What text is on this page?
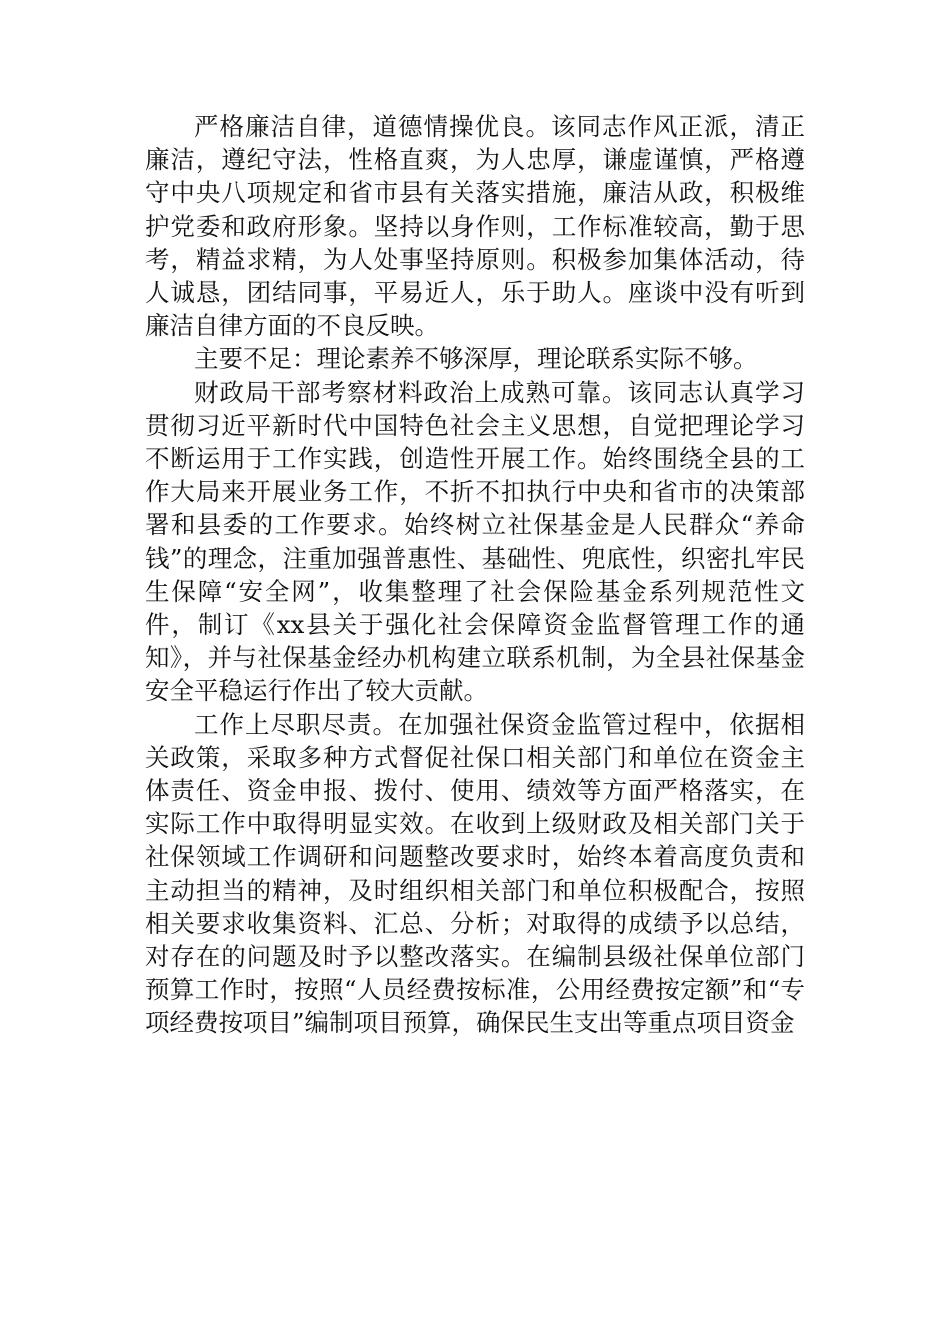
严格廉洁自律，道德情操优良。该同志作风正派，清正廉洁，遵纪守法，性格直爽，为人忠厚，谦虚谨慎，严格遵守中央八项规定和省市县有关落实措施，廉洁从政，积极维护党委和政府形象。坚持以身作则，工作标准较高，勤于思考，精益求精，为人处事坚持原则。积极参加集体活动，待人诚恳，团结同事，平易近人，乐于助人。座谈中没有听到廉洁自律方面的不良反映。

主要不足：理论素养不够深厚，理论联系实际不够。

财政局干部考察材料政治上成熟可靠。该同志认真学习贯彻习近平新时代中国特色社会主义思想，自觉把理论学习不断运用于工作实践，创造性开展工作。始终围绕全县的工作大局来开展业务工作，不折不扣执行中央和省市的决策部署和县委的工作要求。始终树立社保基金是人民群众“养命钱”的理念，注重加强普惠性、基础性、兜底性，织密扎牢民生保障“安全网”，收集整理了社会保险基金系列规范性文件，制订《xx县关于强化社会保障资金监督管理工作的通知》，并与社保基金经办机构建立联系机制，为全县社保基金安全平稳运行作出了较大贡献。

工作上尽职尽责。在加强社保资金监管过程中，依据相关政策，采取多种方式督促社保口相关部门和单位在资金主体责任、资金申报、拨付、使用、绩效等方面严格落实，在实际工作中取得明显实效。在收到上级财政及相关部门关于社保领域工作调研和问题整改要求时，始终本着高度负责和主动担当的精神，及时组织相关部门和单位积极配合，按照相关要求收集资料、汇总、分析；对取得的成绩予以总结，对存在的问题及时予以整改落实。在编制县级社保单位部门预算工作时，按照“人员经费按标准，公用经费按定额”和“专项经费按项目”编制项目预算，确保民生支出等重点项目资金
